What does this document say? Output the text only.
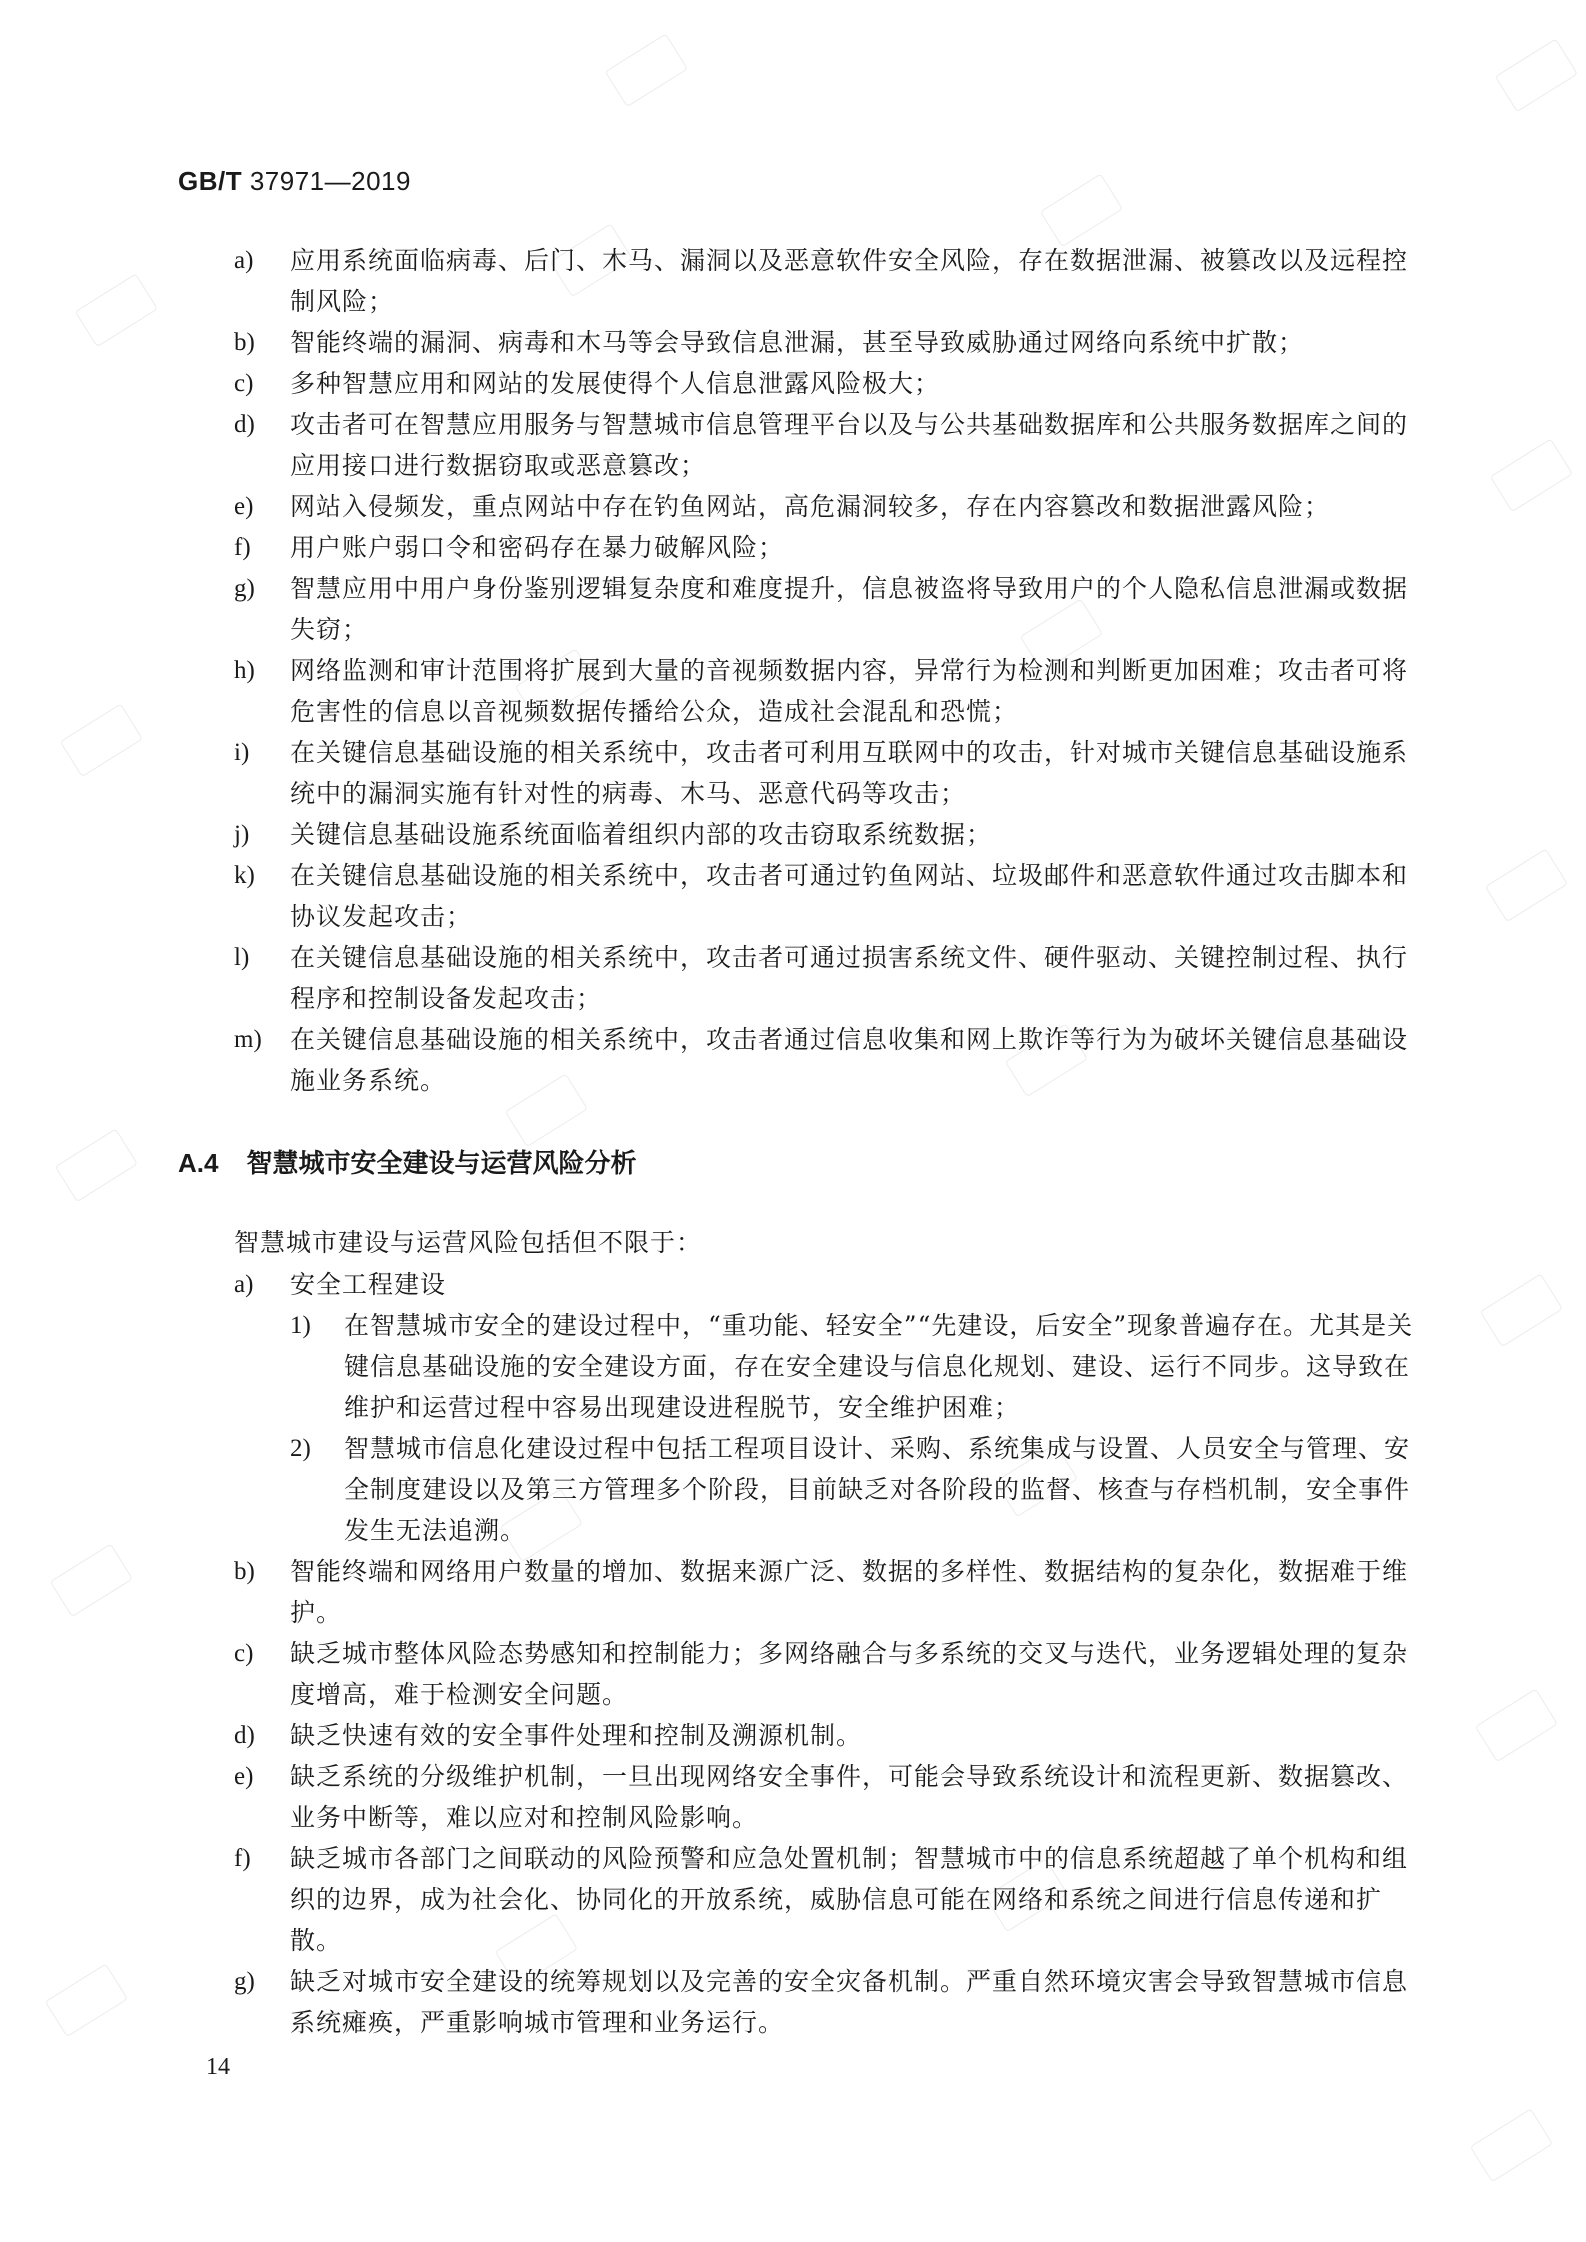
GB/T 37971—2019
a)	应用系统面临病毒、后门、木马、漏洞以及恶意软件安全风险，存在数据泄漏、被篡改以及远程控制风险；
b)	智能终端的漏洞、病毒和木马等会导致信息泄漏，甚至导致威胁通过网络向系统中扩散；
c)	多种智慧应用和网站的发展使得个人信息泄露风险极大；
d)	攻击者可在智慧应用服务与智慧城市信息管理平台以及与公共基础数据库和公共服务数据库之间的应用接口进行数据窃取或恶意篡改；
e)	网站入侵频发，重点网站中存在钓鱼网站，高危漏洞较多，存在内容篡改和数据泄露风险；
f)	用户账户弱口令和密码存在暴力破解风险；
g)	智慧应用中用户身份鉴别逻辑复杂度和难度提升，信息被盗将导致用户的个人隐私信息泄漏或数据失窃；
h)	网络监测和审计范围将扩展到大量的音视频数据内容，异常行为检测和判断更加困难；攻击者可将危害性的信息以音视频数据传播给公众，造成社会混乱和恐慌；
i)	在关键信息基础设施的相关系统中，攻击者可利用互联网中的攻击，针对城市关键信息基础设施系统中的漏洞实施有针对性的病毒、木马、恶意代码等攻击；
j)	关键信息基础设施系统面临着组织内部的攻击窃取系统数据；
k)	在关键信息基础设施的相关系统中，攻击者可通过钓鱼网站、垃圾邮件和恶意软件通过攻击脚本和协议发起攻击；
l)	在关键信息基础设施的相关系统中，攻击者可通过损害系统文件、硬件驱动、关键控制过程、执行程序和控制设备发起攻击；
m)	在关键信息基础设施的相关系统中，攻击者通过信息收集和网上欺诈等行为为破坏关键信息基础设施业务系统。
A.4 智慧城市安全建设与运营风险分析
智慧城市建设与运营风险包括但不限于：
a)	安全工程建设
1)	在智慧城市安全的建设过程中，“重功能、轻安全”“先建设，后安全”现象普遍存在。尤其是关键信息基础设施的安全建设方面，存在安全建设与信息化规划、建设、运行不同步。这导致在维护和运营过程中容易出现建设进程脱节，安全维护困难；
2)	智慧城市信息化建设过程中包括工程项目设计、采购、系统集成与设置、人员安全与管理、安全制度建设以及第三方管理多个阶段，目前缺乏对各阶段的监督、核查与存档机制，安全事件发生无法追溯。
b)	智能终端和网络用户数量的增加、数据来源广泛、数据的多样性、数据结构的复杂化，数据难于维护。
c)	缺乏城市整体风险态势感知和控制能力；多网络融合与多系统的交叉与迭代，业务逻辑处理的复杂度增高，难于检测安全问题。
d)	缺乏快速有效的安全事件处理和控制及溯源机制。
e)	缺乏系统的分级维护机制，一旦出现网络安全事件，可能会导致系统设计和流程更新、数据篡改、业务中断等，难以应对和控制风险影响。
f)	缺乏城市各部门之间联动的风险预警和应急处置机制；智慧城市中的信息系统超越了单个机构和组织的边界，成为社会化、协同化的开放系统，威胁信息可能在网络和系统之间进行信息传递和扩散。
g)	缺乏对城市安全建设的统筹规划以及完善的安全灾备机制。严重自然环境灾害会导致智慧城市信息系统瘫痪，严重影响城市管理和业务运行。
14
